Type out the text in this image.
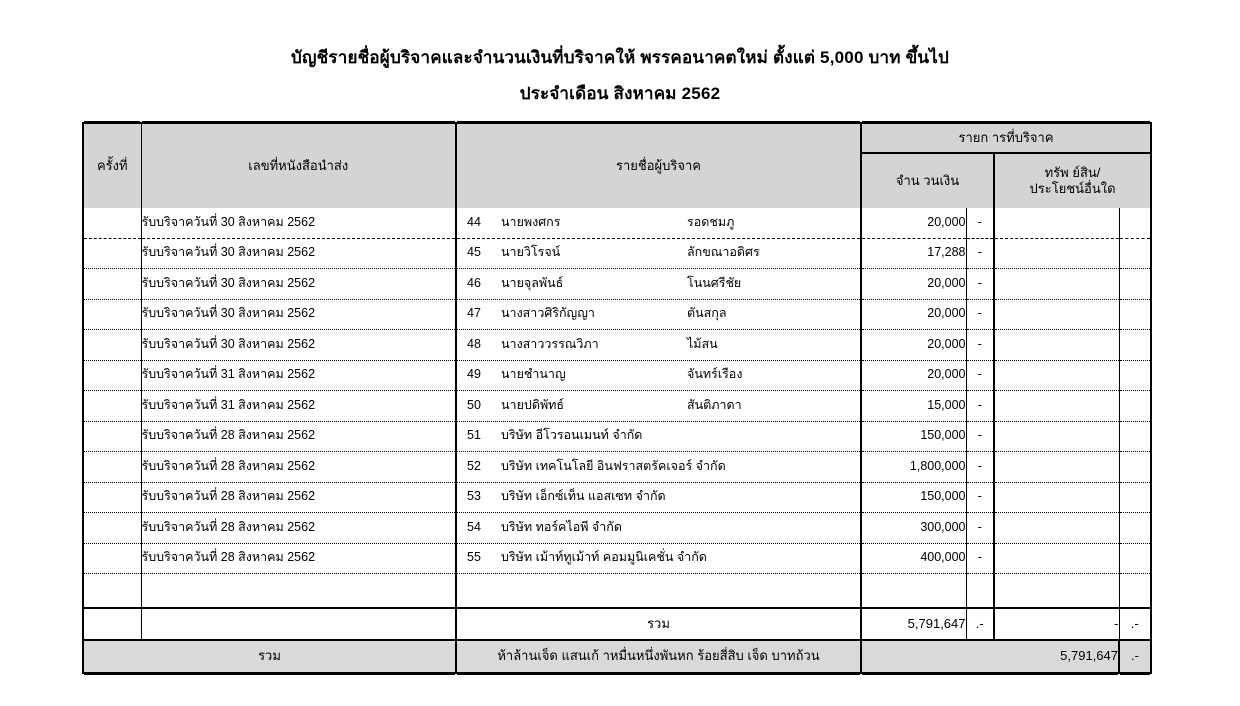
บัญชีรายชื่อผู้บริจาคและจำนวนเงินที่บริจาคให้ พรรคอนาคตใหม่ ตั้งแต่ 5,000 บาท ขึ้นไป
ประจำเดือน สิงหาคม 2562
ครั้งที่	เลขที่หนังสือนำส่ง	รายชื่อผู้บริจาค	รายก ารที่บริจาค			
			จำน วนเงิน		ทรัพ ย์สิน/
ประโยชน์อื่นใด	

	รับบริจาควันที่ 30 สิงหาคม 2562	44 นายพงศกร รอดชมภู	20,000	-		
	รับบริจาควันที่ 30 สิงหาคม 2562	45 นายวิโรจน์ ลักขณาอดิศร	17,288	-		
	รับบริจาควันที่ 30 สิงหาคม 2562	46 นายจุลพันธ์ โนนศรีชัย	20,000	-		
	รับบริจาควันที่ 30 สิงหาคม 2562	47 นางสาวศิริกัญญา ตันสกุล	20,000	-		
	รับบริจาควันที่ 30 สิงหาคม 2562	48 นางสาววรรณวิภา ไม้สน	20,000	-		
	รับบริจาควันที่ 31 สิงหาคม 2562	49 นายชำนาญ จันทร์เรือง	20,000	-		
	รับบริจาควันที่ 31 สิงหาคม 2562	50 นายปดิพัทธ์ สันติภาดา	15,000	-		
	รับบริจาควันที่ 28 สิงหาคม 2562	51 บริษัท อีโวรอนเมนท์ จำกัด	150,000	-		
	รับบริจาควันที่ 28 สิงหาคม 2562	52 บริษัท เทคโนโลยี อินฟราสตรัคเจอร์ จำกัด	1,800,000	-		
	รับบริจาควันที่ 28 สิงหาคม 2562	53 บริษัท เอ็กซ์เท็น แอสเซท จำกัด	150,000	-		
	รับบริจาควันที่ 28 สิงหาคม 2562	54 บริษัท ทอร์คไอพี จำกัด	300,000	-		
	รับบริจาควันที่ 28 สิงหาคม 2562	55 บริษัท เม้าท์ทูเม้าท์ คอมมูนิเคชั่น จำกัด	400,000	-		

		รวม	5,791,647	.-	-	.-
รวม		ห้าล้านเจ็ด แสนเก้ าหมื่นหนึ่งพันหก ร้อยสี่สิบ เจ็ด บาทถ้วน	5,791,647			.-
